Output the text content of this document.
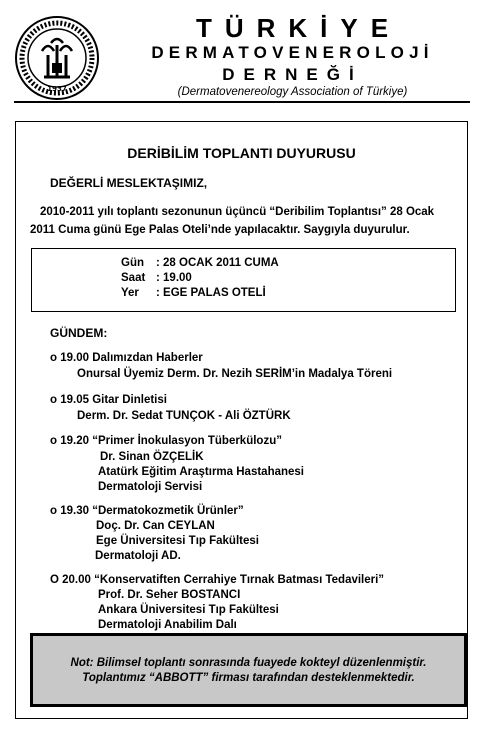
1937
TÜRKİYE
DERMATOVENEROLOJİ
DERNEĞİ
(Dermatovenereology Association of Türkiye)
DERİBİLİM TOPLANTI DUYURUSU
DEĞERLİ MESLEKTAŞIMIZ,
2010-2011 yılı toplantı sezonunun üçüncü “Deribilim Toplantısı” 28 Ocak
2011 Cuma günü Ege Palas Oteli’nde yapılacaktır. Saygıyla duyurulur.
Gün : 28 OCAK 2011 CUMA
Saat : 19.00
Yer : EGE PALAS OTELİ
GÜNDEM:
o 19.00 Dalımızdan Haberler
Onursal Üyemiz Derm. Dr. Nezih SERİM’in Madalya Töreni
o 19.05 Gitar Dinletisi
Derm. Dr. Sedat TUNÇOK - Ali ÖZTÜRK
o 19.20 “Primer İnokulasyon Tüberkülozu”
Dr. Sinan ÖZÇELİK
Atatürk Eğitim Araştırma Hastahanesi
Dermatoloji Servisi
o 19.30 “Dermatokozmetik Ürünler”
Doç. Dr. Can CEYLAN
Ege Üniversitesi Tıp Fakültesi
Dermatoloji AD.
O 20.00 “Konservatiften Cerrahiye Tırnak Batması Tedavileri”
Prof. Dr. Seher BOSTANCI
Ankara Üniversitesi Tıp Fakültesi
Dermatoloji Anabilim Dalı
Not: Bilimsel toplantı sonrasında fuayede kokteyl düzenlenmiştir.
Toplantımız “ABBOTT” firması tarafından desteklenmektedir.
